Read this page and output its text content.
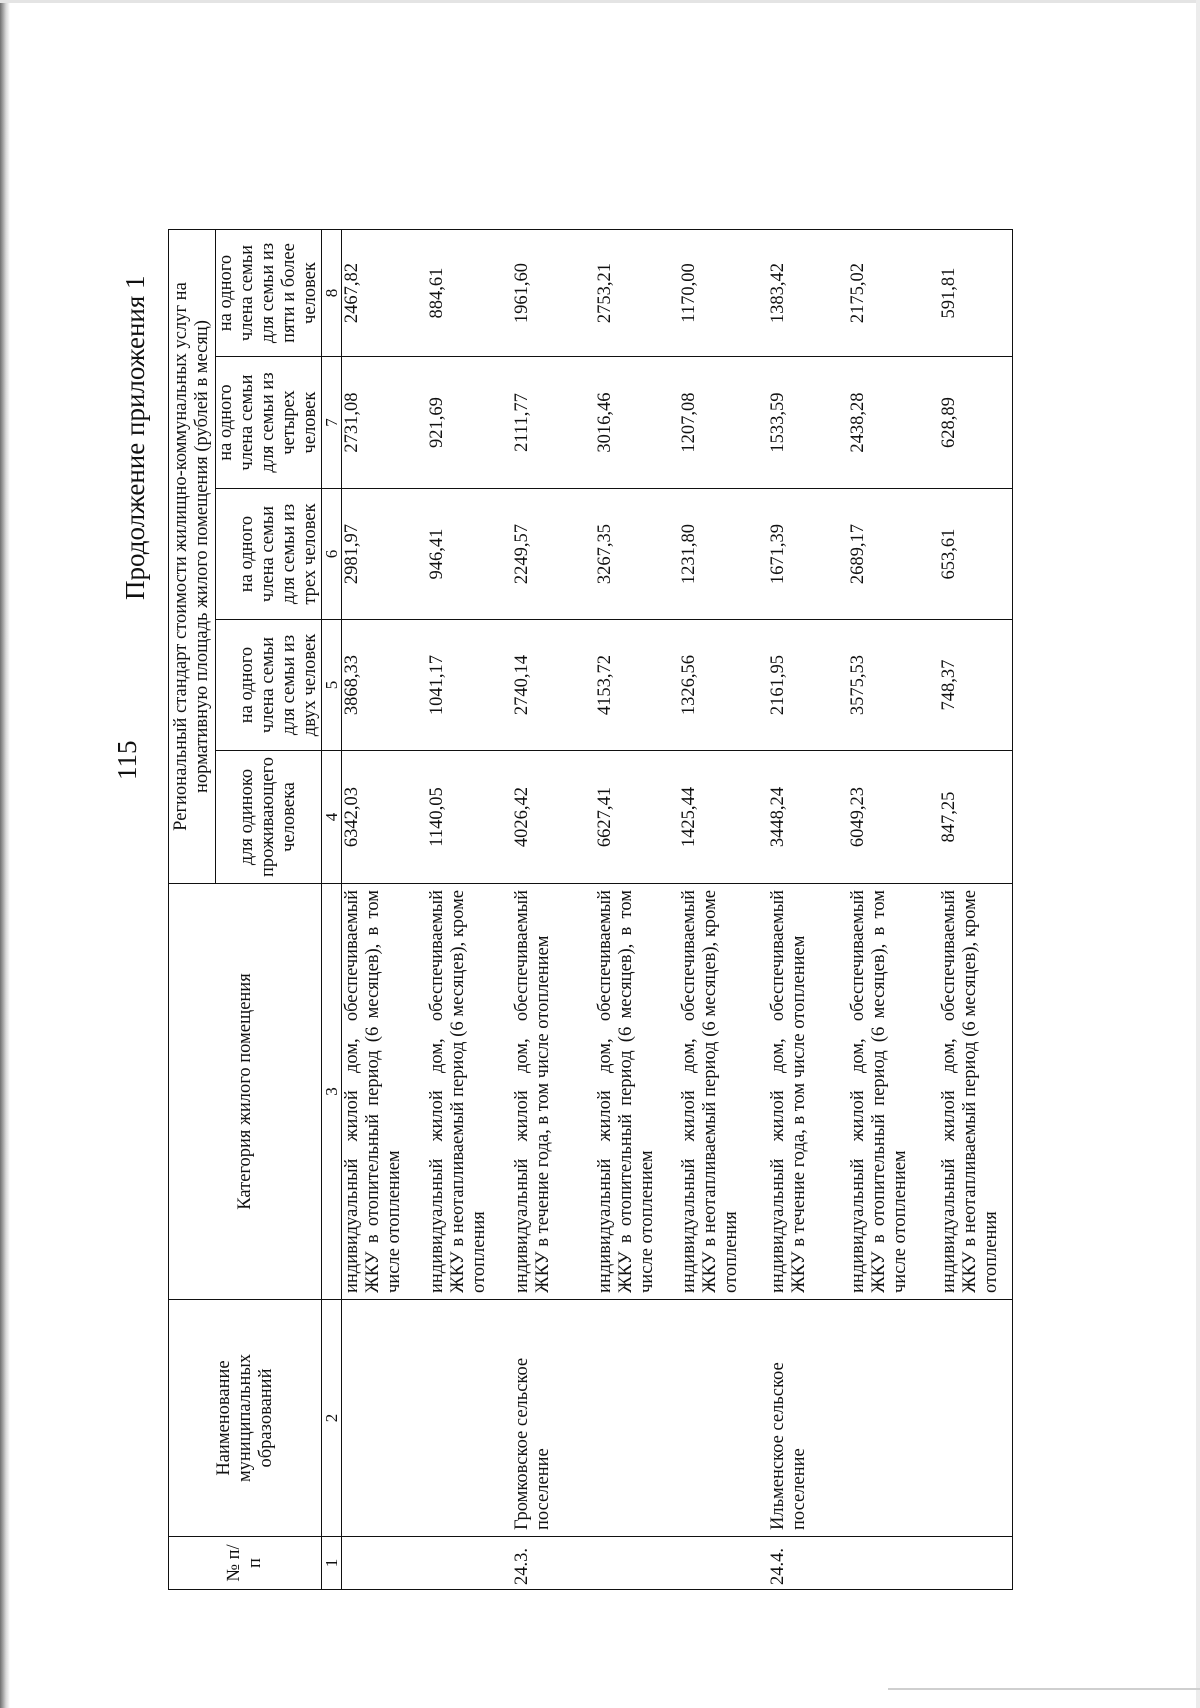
115
Продолжение приложения 1
№ п/п	Наименование муниципальных образований	Категория жилого помещения	Региональный стандарт стоимости жилищно-коммунальных услуг на нормативную площадь жилого помещения (рублей в месяц)				
			для одиноко проживающего человека	на одного члена семьи для семьи из двух человек	на одного члена семьи для семьи из трех человек	на одного члена семьи для семьи из четырех человек	на одного члена семьи для семьи из пяти и более человек
1	2	3	4	5	6	7	8
		индивидуальный жилой дом, обеспечиваемый ЖКУ в отопительный период (6 месяцев), в том числе отоплением	6342,03	3868,33	2981,97	2731,08	2467,82
		индивидуальный жилой дом, обеспечиваемый ЖКУ в неотапливаемый период (6 месяцев), кроме отопления	1140,05	1041,17	946,41	921,69	884,61
24.3.	Громковское сельское поселение	индивидуальный жилой дом, обеспечиваемый ЖКУ в течение года, в том числе отоплением	4026,42	2740,14	2249,57	2111,77	1961,60
		индивидуальный жилой дом, обеспечиваемый ЖКУ в отопительный период (6 месяцев), в том числе отоплением	6627,41	4153,72	3267,35	3016,46	2753,21
		индивидуальный жилой дом, обеспечиваемый ЖКУ в неотапливаемый период (6 месяцев), кроме отопления	1425,44	1326,56	1231,80	1207,08	1170,00
24.4.	Ильменское сельское поселение	индивидуальный жилой дом, обеспечиваемый ЖКУ в течение года, в том числе отоплением	3448,24	2161,95	1671,39	1533,59	1383,42
		индивидуальный жилой дом, обеспечиваемый ЖКУ в отопительный период (6 месяцев), в том числе отоплением	6049,23	3575,53	2689,17	2438,28	2175,02
		индивидуальный жилой дом, обеспечиваемый ЖКУ в неотапливаемый период (6 месяцев), кроме отопления	847,25	748,37	653,61	628,89	591,81
